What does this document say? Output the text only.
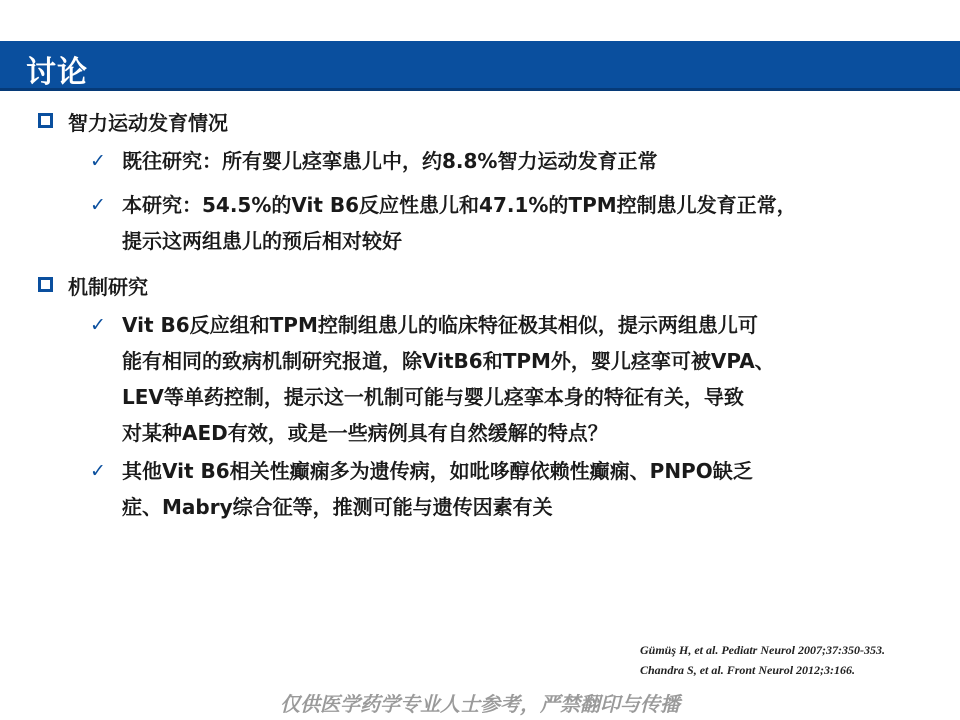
讨论
智力运动发育情况
✓ 既往研究：所有婴儿痉挛患儿中，约8.8%智力运动发育正常
✓ 本研究：54.5%的Vit B6反应性患儿和47.1%的TPM控制患儿发育正常，
提示这两组患儿的预后相对较好
机制研究
✓ Vit B6反应组和TPM控制组患儿的临床特征极其相似，提示两组患儿可
能有相同的致病机制研究报道，除VitB6和TPM外，婴儿痉挛可被VPA、
LEV等单药控制，提示这一机制可能与婴儿痉挛本身的特征有关，导致
对某种AED有效，或是一些病例具有自然缓解的特点？
✓ 其他Vit B6相关性癫痫多为遗传病，如吡哆醇依赖性癫痫、PNPO缺乏
症、Mabry综合征等，推测可能与遗传因素有关
Gümüş H, et al. Pediatr Neurol 2007;37:350-353.
Chandra S, et al. Front Neurol 2012;3:166.
仅供医学药学专业人士参考，严禁翻印与传播
